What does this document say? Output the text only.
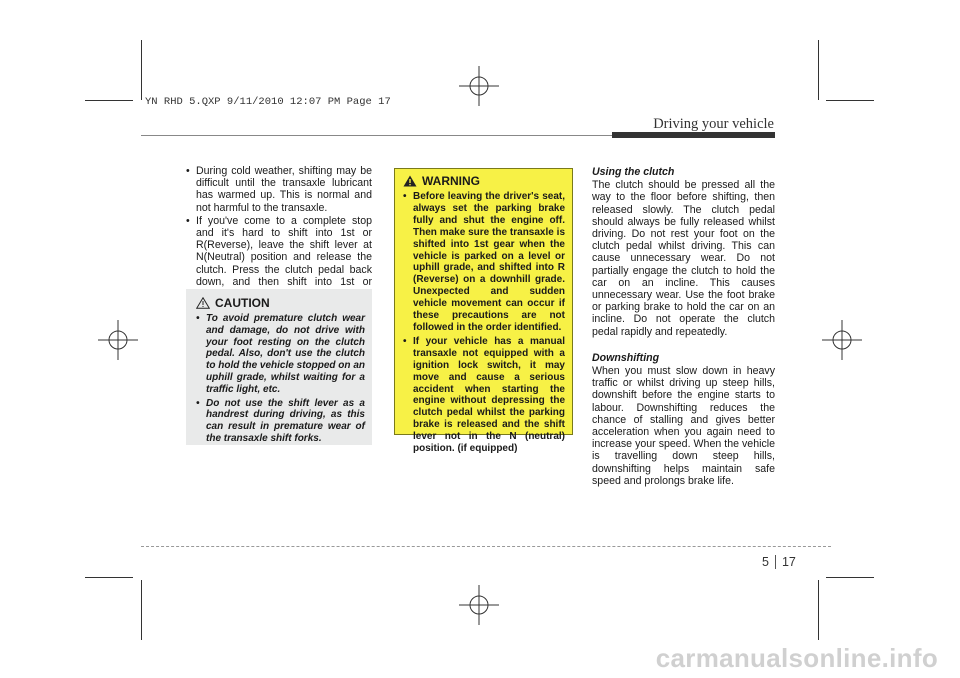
YN RHD 5.QXP 9/11/2010 12:07 PM Page 17
Driving your vehicle
• During cold weather, shifting may be difficult until the transaxle lubricant has warmed up. This is normal and not harmful to the transaxle.
• If you've come to a complete stop and it's hard to shift into 1st or R(Reverse), leave the shift lever at N(Neutral) position and release the clutch. Press the clutch pedal back down, and then shift into 1st or
CAUTION
• To avoid premature clutch wear and damage, do not drive with your foot resting on the clutch pedal. Also, don't use the clutch to hold the vehicle stopped on an uphill grade, whilst waiting for a traffic light, etc.
• Do not use the shift lever as a handrest during driving, as this can result in premature wear of the transaxle shift forks.
WARNING
• Before leaving the driver's seat, always set the parking brake fully and shut the engine off. Then make sure the transaxle is shifted into 1st gear when the vehicle is parked on a level or uphill grade, and shifted into R (Reverse) on a downhill grade. Unexpected and sudden vehicle movement can occur if these precautions are not followed in the order identified.
• If your vehicle has a manual transaxle not equipped with a ignition lock switch, it may move and cause a serious accident when starting the engine without depressing the clutch pedal whilst the parking brake is released and the shift lever not in the N (neutral) position. (if equipped)
Using the clutch

The clutch should be pressed all the way to the floor before shifting, then released slowly. The clutch pedal should always be fully released whilst driving. Do not rest your foot on the clutch pedal whilst driving. This can cause unnecessary wear. Do not partially engage the clutch to hold the car on an incline. This causes unnecessary wear. Use the foot brake or parking brake to hold the car on an incline. Do not operate the clutch pedal rapidly and repeatedly.

Downshifting

When you must slow down in heavy traffic or whilst driving up steep hills, downshift before the engine starts to labour. Downshifting reduces the chance of stalling and gives better acceleration when you again need to increase your speed. When the vehicle is travelling down steep hills, downshifting helps maintain safe speed and prolongs brake life.

5 17
carmanualsonline.info
